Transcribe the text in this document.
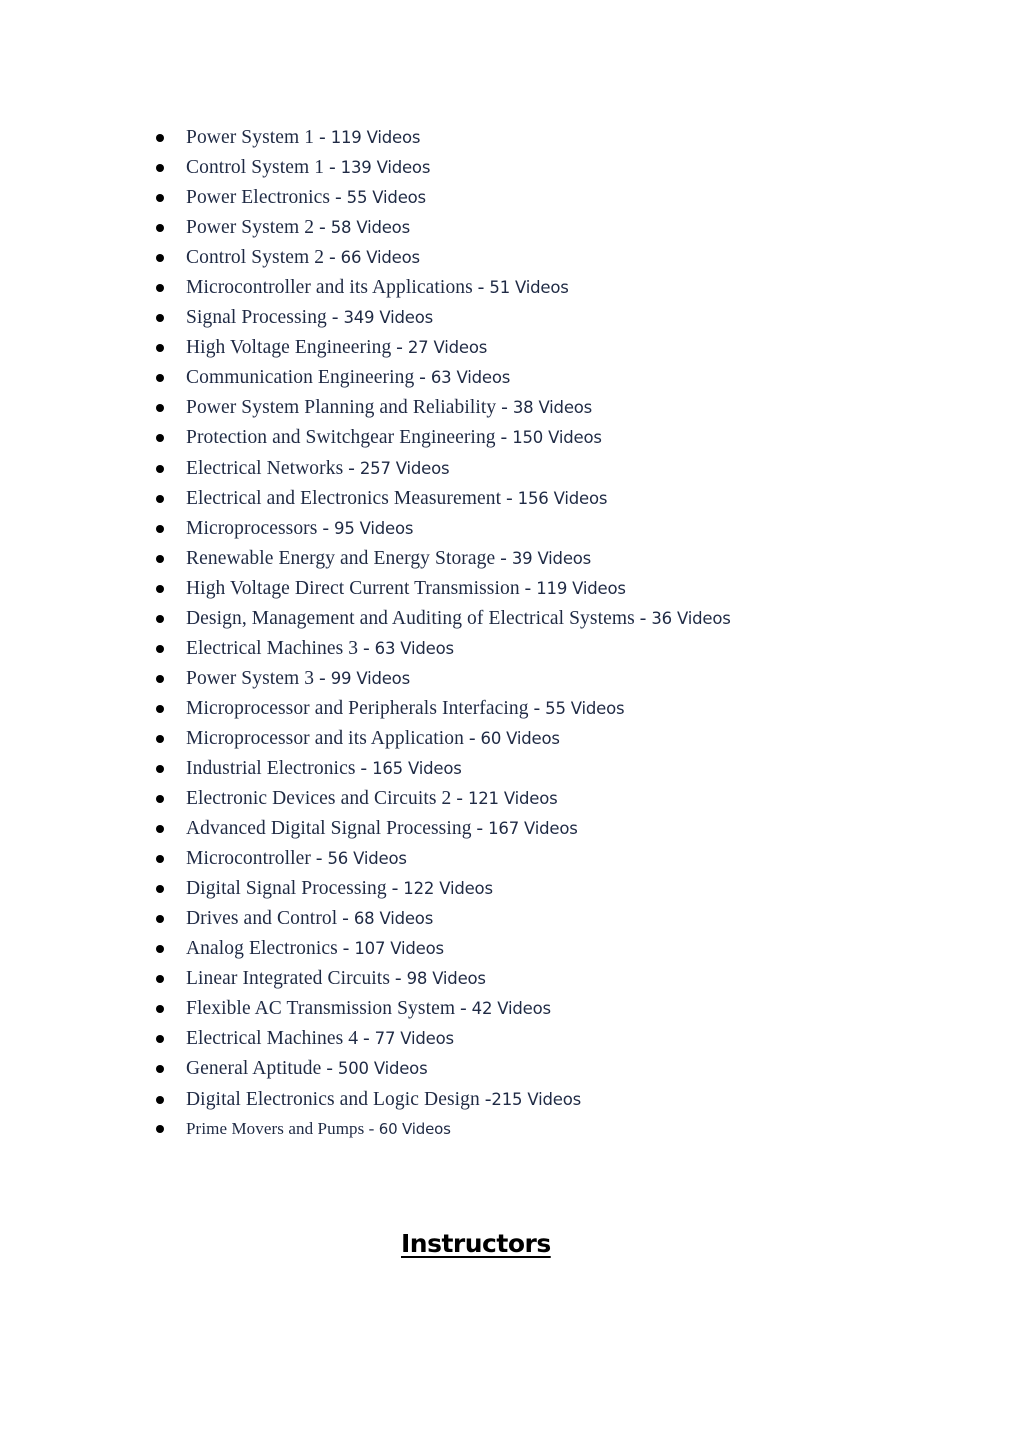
Power System 1 - 119 Videos
Control System 1 - 139 Videos
Power Electronics - 55 Videos
Power System 2 - 58 Videos
Control System 2 - 66 Videos
Microcontroller and its Applications - 51 Videos
Signal Processing - 349 Videos
High Voltage Engineering - 27 Videos
Communication Engineering - 63 Videos
Power System Planning and Reliability - 38 Videos
Protection and Switchgear Engineering - 150 Videos
Electrical Networks - 257 Videos
Electrical and Electronics Measurement - 156 Videos
Microprocessors - 95 Videos
Renewable Energy and Energy Storage - 39 Videos
High Voltage Direct Current Transmission - 119 Videos
Design, Management and Auditing of Electrical Systems - 36 Videos
Electrical Machines 3 - 63 Videos
Power System 3 - 99 Videos
Microprocessor and Peripherals Interfacing - 55 Videos
Microprocessor and its Application - 60 Videos
Industrial Electronics - 165 Videos
Electronic Devices and Circuits 2 - 121 Videos
Advanced Digital Signal Processing - 167 Videos
Microcontroller - 56 Videos
Digital Signal Processing - 122 Videos
Drives and Control - 68 Videos
Analog Electronics - 107 Videos
Linear Integrated Circuits - 98 Videos
Flexible AC Transmission System - 42 Videos
Electrical Machines 4 - 77 Videos
General Aptitude - 500 Videos
Digital Electronics and Logic Design -215 Videos
Prime Movers and Pumps - 60 Videos
Instructors
